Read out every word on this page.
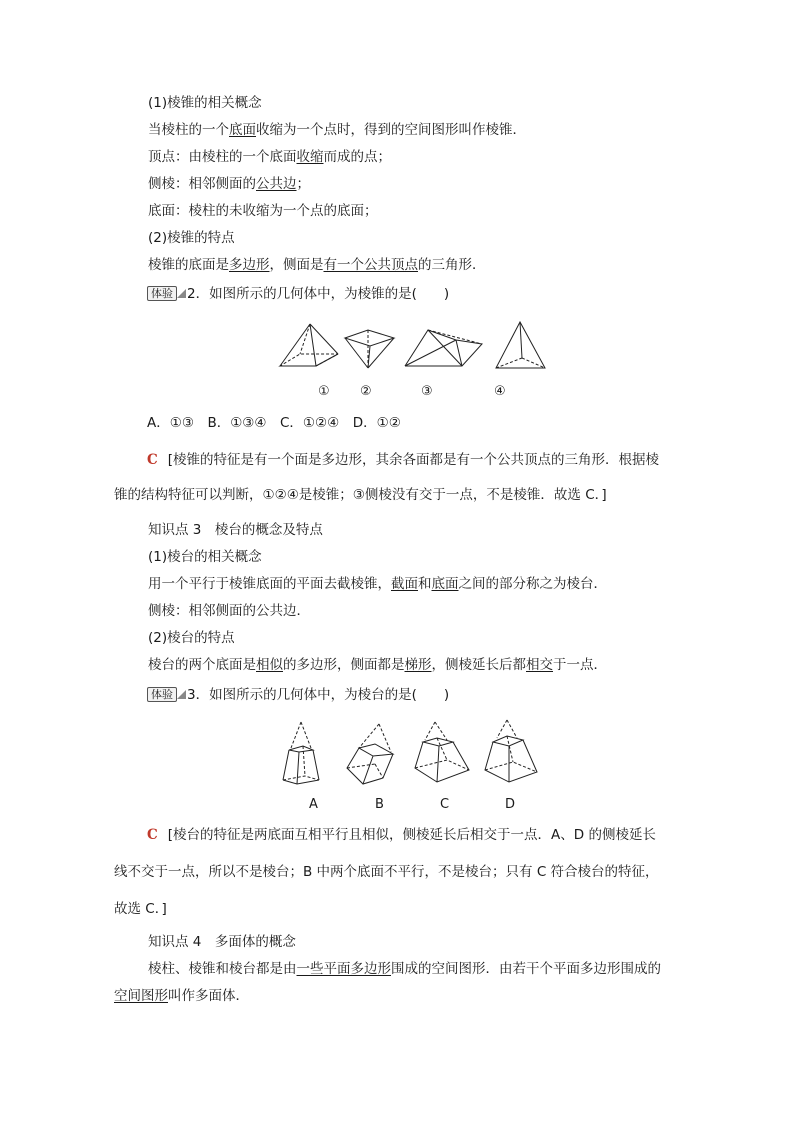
(1)棱锥的相关概念
当棱柱的一个底面收缩为一个点时，得到的空间图形叫作棱锥．
顶点：由棱柱的一个底面收缩而成的点；
侧棱：相邻侧面的公共边；
底面：棱柱的未收缩为一个点的底面；
(2)棱锥的特点
棱锥的底面是多边形，侧面是有一个公共顶点的三角形．
体验 2．如图所示的几何体中，为棱锥的是(　　)
① ②	③	④
A．①③　B．①③④　C．①②④　D．①②
C [棱锥的特征是有一个面是多边形，其余各面都是有一个公共顶点的三角形．根据棱
锥的结构特征可以判断，①②④是棱锥；③侧棱没有交于一点，不是棱锥．故选 C．]
知识点 3　棱台的概念及特点
(1)棱台的相关概念
用一个平行于棱锥底面的平面去截棱锥，截面和底面之间的部分称之为棱台．
侧棱：相邻侧面的公共边．
(2)棱台的特点
棱台的两个底面是相似的多边形，侧面都是梯形，侧棱延长后都相交于一点．
体验 3．如图所示的几何体中，为棱台的是(　　)
A	B	C	D
C [棱台的特征是两底面互相平行且相似，侧棱延长后相交于一点．A、D 的侧棱延长
线不交于一点，所以不是棱台；B 中两个底面不平行，不是棱台；只有 C 符合棱台的特征，
故选 C．]
知识点 4　多面体的概念
棱柱、棱锥和棱台都是由一些平面多边形围成的空间图形．由若干个平面多边形围成的
空间图形叫作多面体．
